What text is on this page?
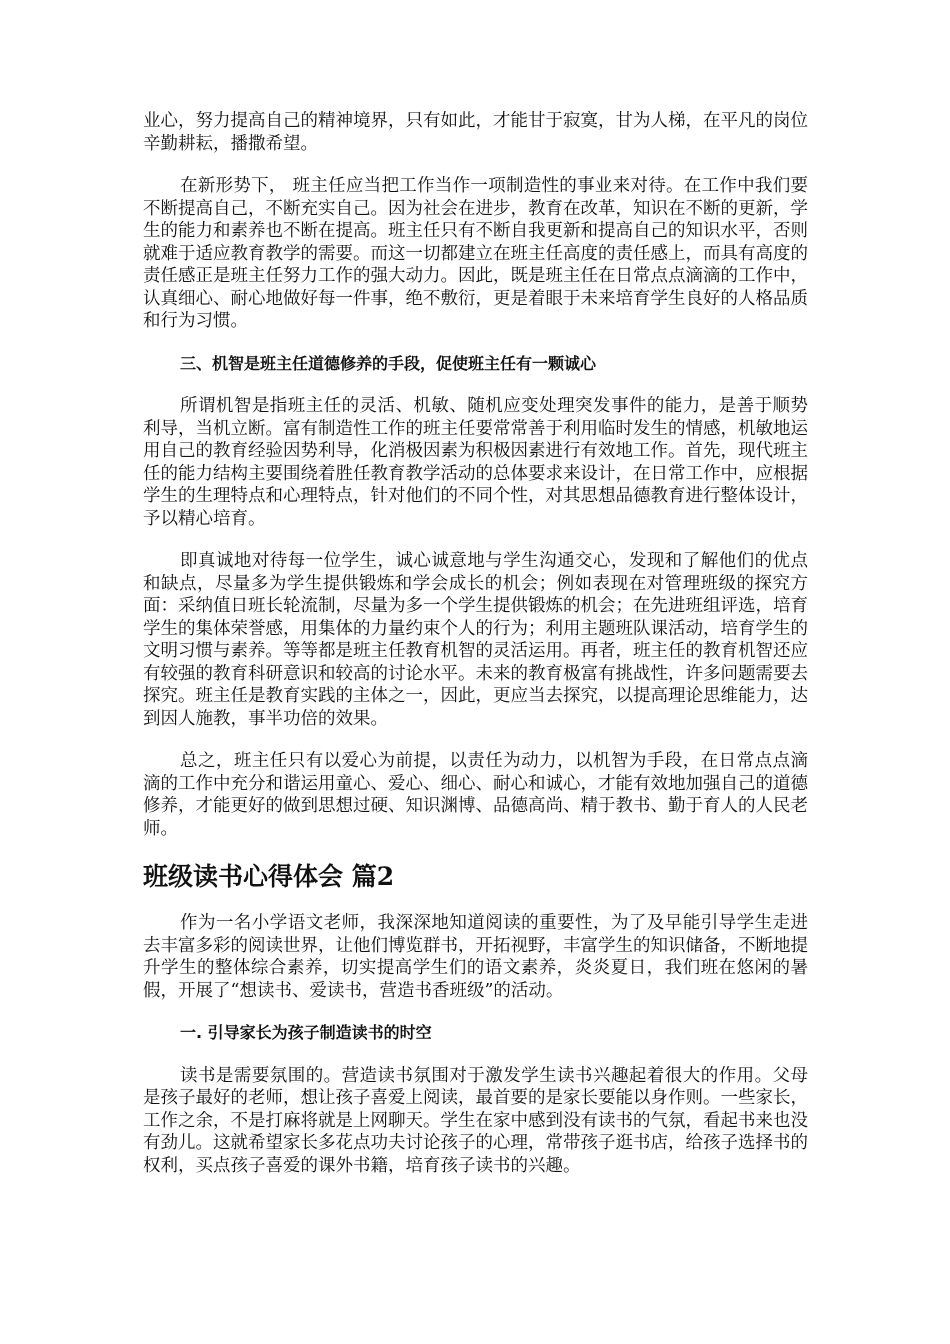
业心，努力提高自己的精神境界，只有如此，才能甘于寂寞，甘为人梯，在平凡的岗位辛勤耕耘，播撒希望。

在新形势下， 班主任应当把工作当作一项制造性的事业来对待。在工作中我们要不断提高自己，不断充实自己。因为社会在进步，教育在改革，知识在不断的更新，学生的能力和素养也不断在提高。班主任只有不断自我更新和提高自己的知识水平，否则就难于适应教育教学的需要。而这一切都建立在班主任高度的责任感上，而具有高度的责任感正是班主任努力工作的强大动力。因此，既是班主任在日常点点滴滴的工作中，认真细心、耐心地做好每一件事，绝不敷衍，更是着眼于未来培育学生良好的人格品质和行为习惯。

三、机智是班主任道德修养的手段，促使班主任有一颗诚心

所谓机智是指班主任的灵活、机敏、随机应变处理突发事件的能力，是善于顺势利导，当机立断。富有制造性工作的班主任要常常善于利用临时发生的情感，机敏地运用自己的教育经验因势利导，化消极因素为积极因素进行有效地工作。首先，现代班主任的能力结构主要围绕着胜任教育教学活动的总体要求来设计，在日常工作中，应根据学生的生理特点和心理特点，针对他们的不同个性，对其思想品德教育进行整体设计，予以精心培育。

即真诚地对待每一位学生，诚心诚意地与学生沟通交心，发现和了解他们的优点和缺点，尽量多为学生提供锻炼和学会成长的机会；例如表现在对管理班级的探究方面：采纳值日班长轮流制，尽量为多一个学生提供锻炼的机会；在先进班组评选，培育学生的集体荣誉感，用集体的力量约束个人的行为；利用主题班队课活动，培育学生的文明习惯与素养。等等都是班主任教育机智的灵活运用。再者，班主任的教育机智还应有较强的教育科研意识和较高的讨论水平。未来的教育极富有挑战性，许多问题需要去探究。班主任是教育实践的主体之一，因此，更应当去探究，以提高理论思维能力，达到因人施教，事半功倍的效果。

总之，班主任只有以爱心为前提，以责任为动力，以机智为手段，在日常点点滴滴的工作中充分和谐运用童心、爱心、细心、耐心和诚心，才能有效地加强自己的道德修养，才能更好的做到思想过硬、知识渊博、品德高尚、精于教书、勤于育人的人民老师。

班级读书心得体会 篇2

作为一名小学语文老师，我深深地知道阅读的重要性，为了及早能引导学生走进去丰富多彩的阅读世界，让他们博览群书，开拓视野，丰富学生的知识储备，不断地提升学生的整体综合素养，切实提高学生们的语文素养，炎炎夏日，我们班在悠闲的暑假，开展了“想读书、爱读书，营造书香班级”的活动。

一. 引导家长为孩子制造读书的时空

读书是需要氛围的。营造读书氛围对于激发学生读书兴趣起着很大的作用。父母是孩子最好的老师，想让孩子喜爱上阅读，最首要的是家长要能以身作则。一些家长，工作之余，不是打麻将就是上网聊天。学生在家中感到没有读书的气氛，看起书来也没有劲儿。这就希望家长多花点功夫讨论孩子的心理，常带孩子逛书店，给孩子选择书的权利，买点孩子喜爱的课外书籍，培育孩子读书的兴趣。
